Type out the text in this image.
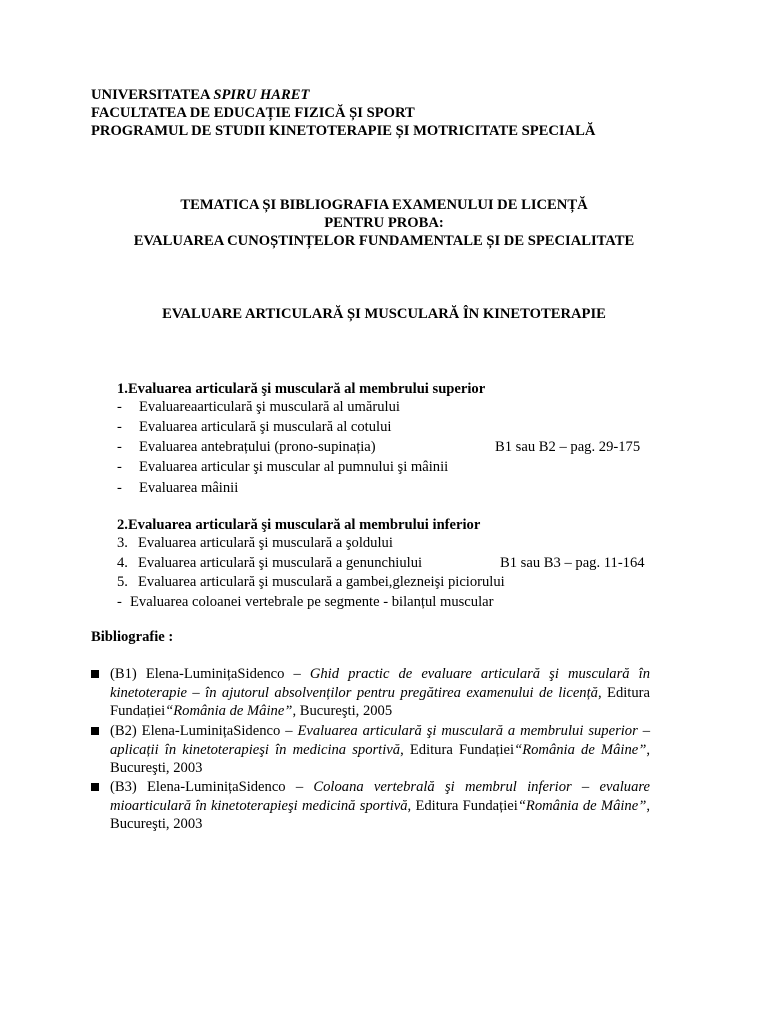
UNIVERSITATEA SPIRU HARET
FACULTATEA DE EDUCAȚIE FIZICĂ ȘI SPORT
PROGRAMUL DE STUDII KINETOTERAPIE ȘI MOTRICITATE SPECIALĂ
TEMATICA ȘI BIBLIOGRAFIA EXAMENULUI DE LICENȚĂ
PENTRU PROBA:
EVALUAREA CUNOȘTINȚELOR FUNDAMENTALE ȘI DE SPECIALITATE
EVALUARE ARTICULARĂ ȘI MUSCULARĂ ÎN KINETOTERAPIE
1.Evaluarea articulară şi musculară al membrului superior
- Evaluareaarticulară şi musculară al umărului
- Evaluarea articulară şi musculară al cotului
- Evaluarea antebrațului (prono-supinația)
- Evaluarea articular şi muscular al pumnului şi mâinii
- Evaluarea mâinii
B1 sau B2 – pag. 29-175
2.Evaluarea articulară şi musculară al membrului inferior
3. Evaluarea articulară şi musculară a şoldului
4. Evaluarea articulară şi musculară a genunchiului
5. Evaluarea articulară şi musculară a gambei,glezneişi piciorului
- Evaluarea coloanei vertebrale pe segmente - bilanțul muscular
B1 sau B3 – pag. 11-164
Bibliografie :
(B1) Elena-LuminițaSidenco – Ghid practic de evaluare articulară şi musculară în
kinetoterapie – în ajutorul absolvenților pentru pregătirea examenului de licență, Editura
Fundației“România de Mâine”, Bucureşti, 2005
(B2) Elena-LuminițaSidenco – Evaluarea articulară şi musculară a membrului superior –
aplicații în kinetoterapieşi în medicina sportivă, Editura Fundației“România de Mâine”,
Bucureşti, 2003
(B3) Elena-LuminițaSidenco – Coloana vertebrală şi membrul inferior – evaluare
mioarticulară în kinetoterapieşi medicină sportivă, Editura Fundației“România de Mâine”,
Bucureşti, 2003
